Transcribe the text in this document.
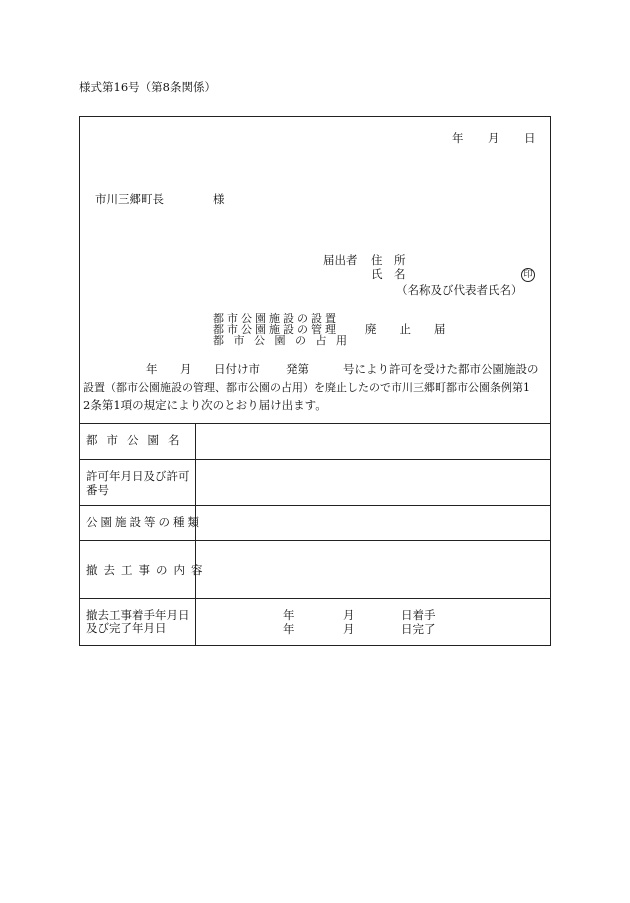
様式第16号（第8条関係）
年 月 日
市川三郷町長	様
届出者 住　所
氏　名	印
（名称及び代表者氏名）
都市公園施設の設置
都市公園施設の管理
都 市 公 園 の 占 用
廃　　止　　届
年 月 日付け市 発第	号により許可を受けた都市公園施設の
設置（都市公園施設の管理、都市公園の占用）を廃止したので市川三郷町都市公園条例第1
2条第1項の規定により次のとおり届け出ます。
都市公園名
許可年月日及び許可
番号
公園施設等の種類
撤去工事の内容
撤去工事着手年月日
及び完了年月日
年	月	日着手
年	月	日完了
